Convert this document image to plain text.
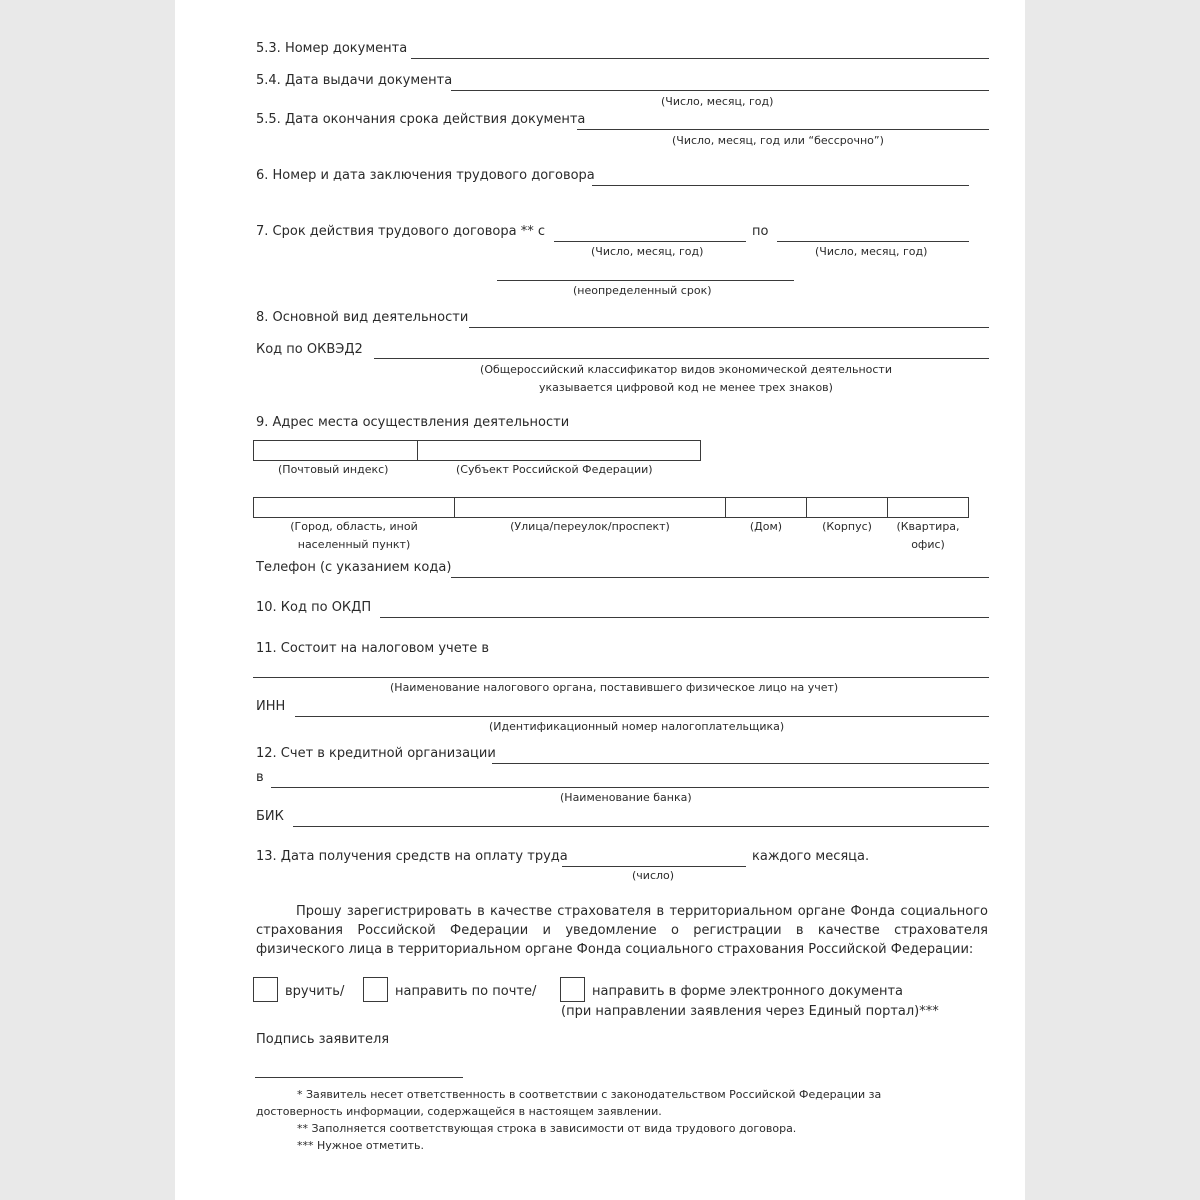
5.3. Номер документа
5.4. Дата выдачи документа
(Число, месяц, год)
5.5. Дата окончания срока действия документа
(Число, месяц, год или “бессрочно”)
6. Номер и дата заключения трудового договора
7. Срок действия трудового договора ** с	по
(Число, месяц, год)	(Число, месяц, год)
(неопределенный срок)
8. Основной вид деятельности
Код по ОКВЭД2
(Общероссийский классификатор видов экономической деятельности
указывается цифровой код не менее трех знаков)
9. Адрес места осуществления деятельности
(Почтовый индекс)	(Субъект Российской Федерации)
(Город, область, иной
населенный пункт)
(Улица/переулок/проспект)	(Дом)	(Корпус)	(Квартира,
офис)
Телефон (с указанием кода)
10. Код по ОКДП
11. Состоит на налоговом учете в
(Наименование налогового органа, поставившего физическое лицо на учет)
ИНН
(Идентификационный номер налогоплательщика)
12. Счет в кредитной организации
в
(Наименование банка)
БИК
13. Дата получения средств на оплату труда	каждого месяца.
(число)
Прошу зарегистрировать в качестве страхователя в территориальном органе Фонда социального страхования Российской Федерации и уведомление о регистрации в качестве страхователя физического лица в территориальном органе Фонда социального страхования Российской Федерации:
вручить/	направить по почте/	направить в форме электронного документа
(при направлении заявления через Единый портал)***
Подпись заявителя
* Заявитель несет ответственность в соответствии с законодательством Российской Федерации за
достоверность информации, содержащейся в настоящем заявлении.
** Заполняется соответствующая строка в зависимости от вида трудового договора.
*** Нужное отметить.
